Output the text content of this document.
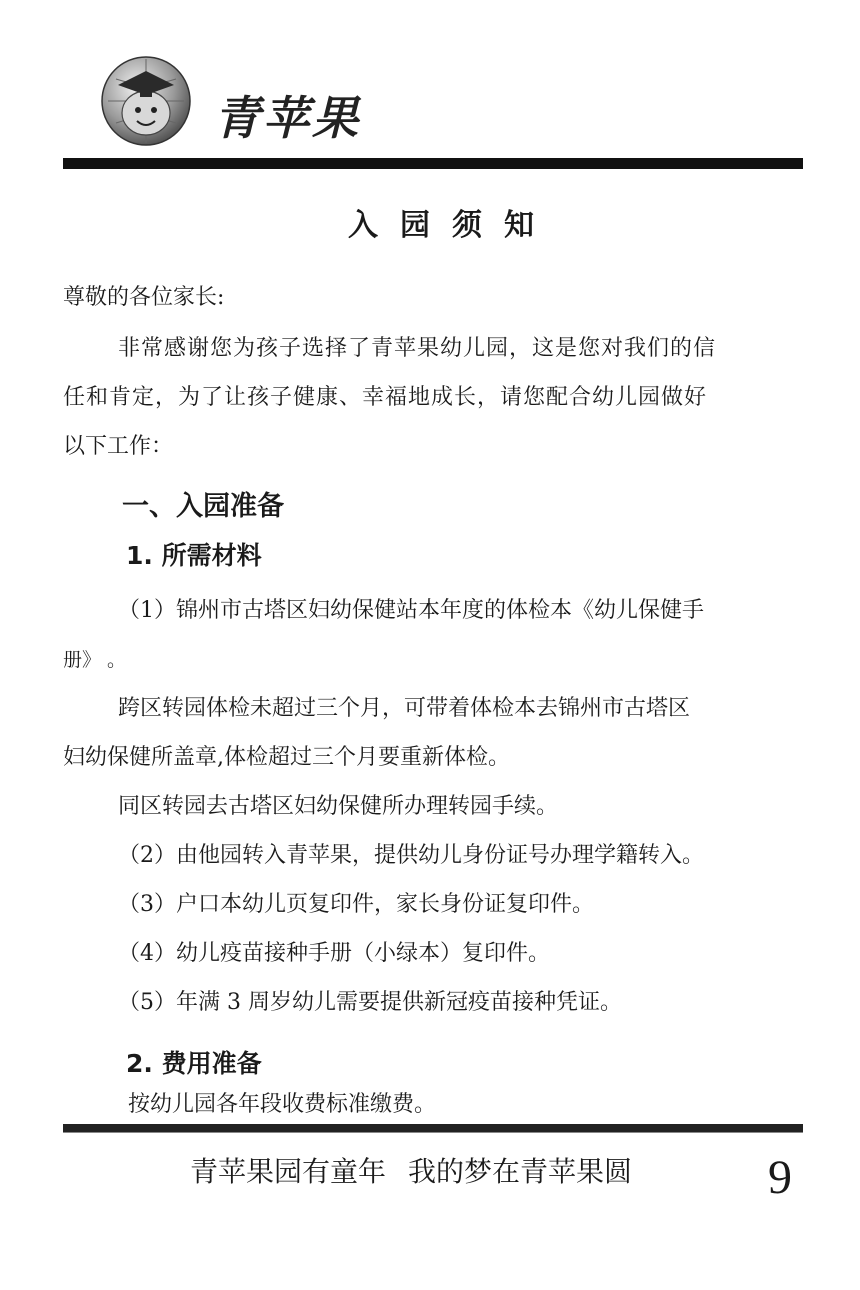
青苹果
入园须知
尊敬的各位家长:
非常感谢您为孩子选择了青苹果幼儿园，这是您对我们的信
任和肯定，为了让孩子健康、幸福地成长，请您配合幼儿园做好
以下工作：
一、入园准备
1. 所需材料
（1）锦州市古塔区妇幼保健站本年度的体检本《幼儿保健手
册》 。
跨区转园体检未超过三个月，可带着体检本去锦州市古塔区
妇幼保健所盖章,体检超过三个月要重新体检。
同区转园去古塔区妇幼保健所办理转园手续。
（2）由他园转入青苹果，提供幼儿身份证号办理学籍转入。
（3）户口本幼儿页复印件，家长身份证复印件。
（4）幼儿疫苗接种手册（小绿本）复印件。
（5）年满 3 周岁幼儿需要提供新冠疫苗接种凭证。
2. 费用准备
按幼儿园各年段收费标准缴费。
青苹果园有童年 我的梦在青苹果圆	9
